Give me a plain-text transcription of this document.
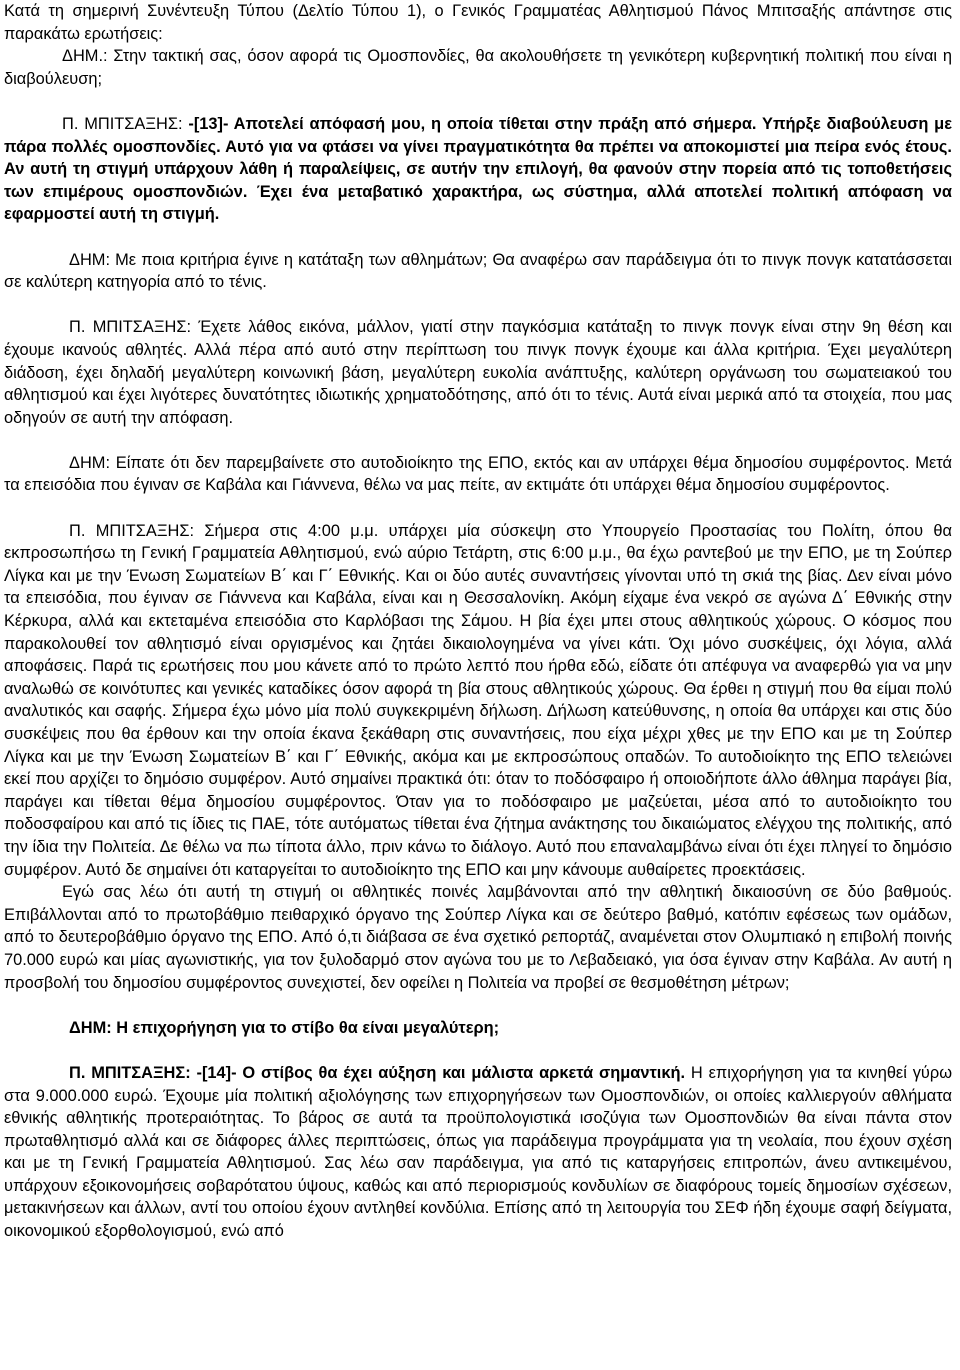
Κατά τη σημερινή Συνέντευξη Τύπου (Δελτίο Τύπου 1), ο Γενικός Γραμματέας Αθλητισμού Πάνος Μπιτσαξής απάντησε στις παρακάτω ερωτήσεις:

ΔΗΜ.: Στην τακτική σας, όσον αφορά τις Ομοσπονδίες, θα ακολουθήσετε τη γενικότερη κυβερνητική πολιτική που είναι η διαβούλευση;

Π. ΜΠΙΤΣΑΞΗΣ: -[13]- Αποτελεί απόφασή μου, η οποία τίθεται στην πράξη από σήμερα. Υπήρξε διαβούλευση με πάρα πολλές ομοσπονδίες. Αυτό για να φτάσει να γίνει πραγματικότητα θα πρέπει να αποκομιστεί μια πείρα ενός έτους. Αν αυτή τη στιγμή υπάρχουν λάθη ή παραλείψεις, σε αυτήν την επιλογή, θα φανούν στην πορεία από τις τοποθετήσεις των επιμέρους ομοσπονδιών. Έχει ένα μεταβατικό χαρακτήρα, ως σύστημα, αλλά αποτελεί πολιτική απόφαση να εφαρμοστεί αυτή τη στιγμή.

ΔΗΜ: Με ποια κριτήρια έγινε η κατάταξη των αθλημάτων; Θα αναφέρω σαν παράδειγμα ότι το πινγκ πονγκ κατατάσσεται σε καλύτερη κατηγορία από το τένις.

Π. ΜΠΙΤΣΑΞΗΣ: Έχετε λάθος εικόνα, μάλλον, γιατί στην παγκόσμια κατάταξη το πινγκ πονγκ είναι στην 9η θέση και έχουμε ικανούς αθλητές. Αλλά πέρα από αυτό στην περίπτωση του πινγκ πονγκ έχουμε και άλλα κριτήρια. Έχει μεγαλύτερη διάδοση, έχει δηλαδή μεγαλύτερη κοινωνική βάση, μεγαλύτερη ευκολία ανάπτυξης, καλύτερη οργάνωση του σωματειακού του αθλητισμού και έχει λιγότερες δυνατότητες ιδιωτικής χρηματοδότησης, από ότι το τένις. Αυτά είναι μερικά από τα στοιχεία, που μας οδηγούν σε αυτή την απόφαση.

ΔΗΜ: Είπατε ότι δεν παρεμβαίνετε στο αυτοδιοίκητο της ΕΠΟ, εκτός και αν υπάρχει θέμα δημοσίου συμφέροντος. Μετά τα επεισόδια που έγιναν σε Καβάλα και Γιάννενα, θέλω να μας πείτε, αν εκτιμάτε ότι υπάρχει θέμα δημοσίου συμφέροντος.

Π. ΜΠΙΤΣΑΞΗΣ: Σήμερα στις 4:00 μ.μ. υπάρχει μία σύσκεψη στο Υπουργείο Προστασίας του Πολίτη, όπου θα εκπροσωπήσω τη Γενική Γραμματεία Αθλητισμού, ενώ αύριο Τετάρτη, στις 6:00 μ.μ., θα έχω ραντεβού με την ΕΠΟ, με τη Σούπερ Λίγκα και με την Ένωση Σωματείων Β΄ και Γ΄ Εθνικής. Και οι δύο αυτές συναντήσεις γίνονται υπό τη σκιά της βίας. Δεν είναι μόνο τα επεισόδια, που έγιναν σε Γιάννενα και Καβάλα, είναι και η Θεσσαλονίκη. Ακόμη είχαμε ένα νεκρό σε αγώνα Δ΄ Εθνικής στην Κέρκυρα, αλλά και εκτεταμένα επεισόδια στο Καρλόβασι της Σάμου. Η βία έχει μπει στους αθλητικούς χώρους. Ο κόσμος που παρακολουθεί τον αθλητισμό είναι οργισμένος και ζητάει δικαιολογημένα να γίνει κάτι. Όχι μόνο συσκέψεις, όχι λόγια, αλλά αποφάσεις. Παρά τις ερωτήσεις που μου κάνετε από το πρώτο λεπτό που ήρθα εδώ, είδατε ότι απέφυγα να αναφερθώ για να μην αναλωθώ σε κοινότυπες και γενικές καταδίκες όσον αφορά τη βία στους αθλητικούς χώρους. Θα έρθει η στιγμή που θα είμαι πολύ αναλυτικός και σαφής. Σήμερα έχω μόνο μία πολύ συγκεκριμένη δήλωση. Δήλωση κατεύθυνσης, η οποία θα υπάρχει και στις δύο συσκέψεις που θα έρθουν και την οποία έκανα ξεκάθαρη στις συναντήσεις, που είχα μέχρι χθες με την ΕΠΟ και με τη Σούπερ Λίγκα και με την Ένωση Σωματείων Β΄ και Γ΄ Εθνικής, ακόμα και με εκπροσώπους οπαδών. Το αυτοδιοίκητο της ΕΠΟ τελειώνει εκεί που αρχίζει το δημόσιο συμφέρον. Αυτό σημαίνει πρακτικά ότι: όταν το ποδόσφαιρο ή οποιοδήποτε άλλο άθλημα παράγει βία, παράγει και τίθεται θέμα δημοσίου συμφέροντος. Όταν για το ποδόσφαιρο με μαζεύεται, μέσα από το αυτοδιοίκητο του ποδοσφαίρου και από τις ίδιες τις ΠΑΕ, τότε αυτόματως τίθεται ένα ζήτημα ανάκτησης του δικαιώματος ελέγχου της πολιτικής, από την ίδια την Πολιτεία. Δε θέλω να πω τίποτα άλλο, πριν κάνω το διάλογο. Αυτό που επαναλαμβάνω είναι ότι έχει πληγεί το δημόσιο συμφέρον. Αυτό δε σημαίνει ότι καταργείται το αυτοδιοίκητο της ΕΠΟ και μην κάνουμε αυθαίρετες προεκτάσεις.

Εγώ σας λέω ότι αυτή τη στιγμή οι αθλητικές ποινές λαμβάνονται από την αθλητική δικαιοσύνη σε δύο βαθμούς. Επιβάλλονται από το πρωτοβάθμιο πειθαρχικό όργανο της Σούπερ Λίγκα και σε δεύτερο βαθμό, κατόπιν εφέσεως των ομάδων, από το δευτεροβάθμιο όργανο της ΕΠΟ. Από ό,τι διάβασα σε ένα σχετικό ρεπορτάζ, αναμένεται στον Ολυμπιακό η επιβολή ποινής 70.000 ευρώ και μίας αγωνιστικής, για τον ξυλοδαρμό στον αγώνα του με το Λεβαδειακό, για όσα έγιναν στην Καβάλα. Αν αυτή η προσβολή του δημοσίου συμφέροντος συνεχιστεί, δεν οφείλει η Πολιτεία να προβεί σε θεσμοθέτηση μέτρων;

ΔΗΜ: Η επιχορήγηση για το στίβο θα είναι μεγαλύτερη;

Π. ΜΠΙΤΣΑΞΗΣ: -[14]- Ο στίβος θα έχει αύξηση και μάλιστα αρκετά σημαντική. Η επιχορήγηση για τα κινηθεί γύρω στα 9.000.000 ευρώ. Έχουμε μία πολιτική αξιολόγησης των επιχορηγήσεων των Ομοσπονδιών, οι οποίες καλλιεργούν αθλήματα εθνικής αθλητικής προτεραιότητας. Το βάρος σε αυτά τα προϋπολογιστικά ισοζύγια των Ομοσπονδιών θα είναι πάντα στον πρωταθλητισμό αλλά και σε διάφορες άλλες περιπτώσεις, όπως για παράδειγμα προγράμματα για τη νεολαία, που έχουν σχέση και με τη Γενική Γραμματεία Αθλητισμού. Σας λέω σαν παράδειγμα, για από τις καταργήσεις επιτροπών, άνευ αντικειμένου, υπάρχουν εξοικονομήσεις σοβαρότατου ύψους, καθώς και από περιορισμούς κονδυλίων σε διαφόρους τομείς δημοσίων σχέσεων, μετακινήσεων και άλλων, αντί του οποίου έχουν αντληθεί κονδύλια. Επίσης από τη λειτουργία του ΣΕΦ ήδη έχουμε σαφή δείγματα, οικονομικού εξορθολογισμού, ενώ από
